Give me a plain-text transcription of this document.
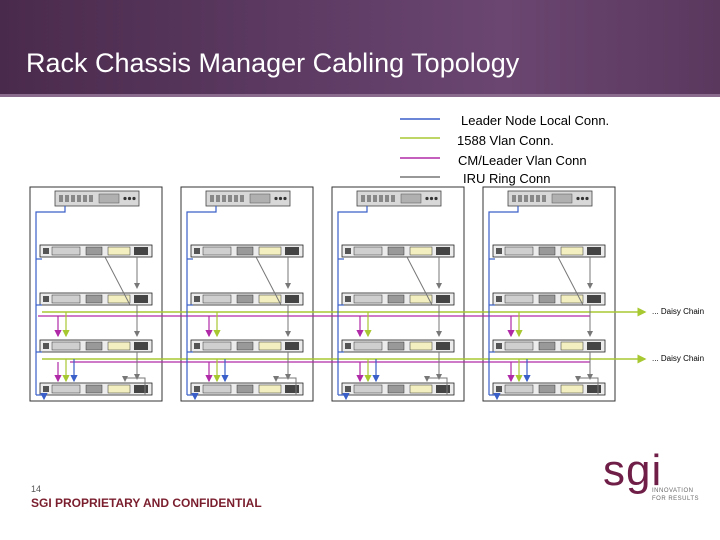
Rack Chassis Manager Cabling Topology
Leader Node Local Conn.
1588 Vlan Conn.
CM/Leader Vlan Conn
IRU Ring Conn
... Daisy Chain
... Daisy Chain
14
SGI PROPRIETARY AND CONFIDENTIAL
sgi
INNOVATION
FOR RESULTS
